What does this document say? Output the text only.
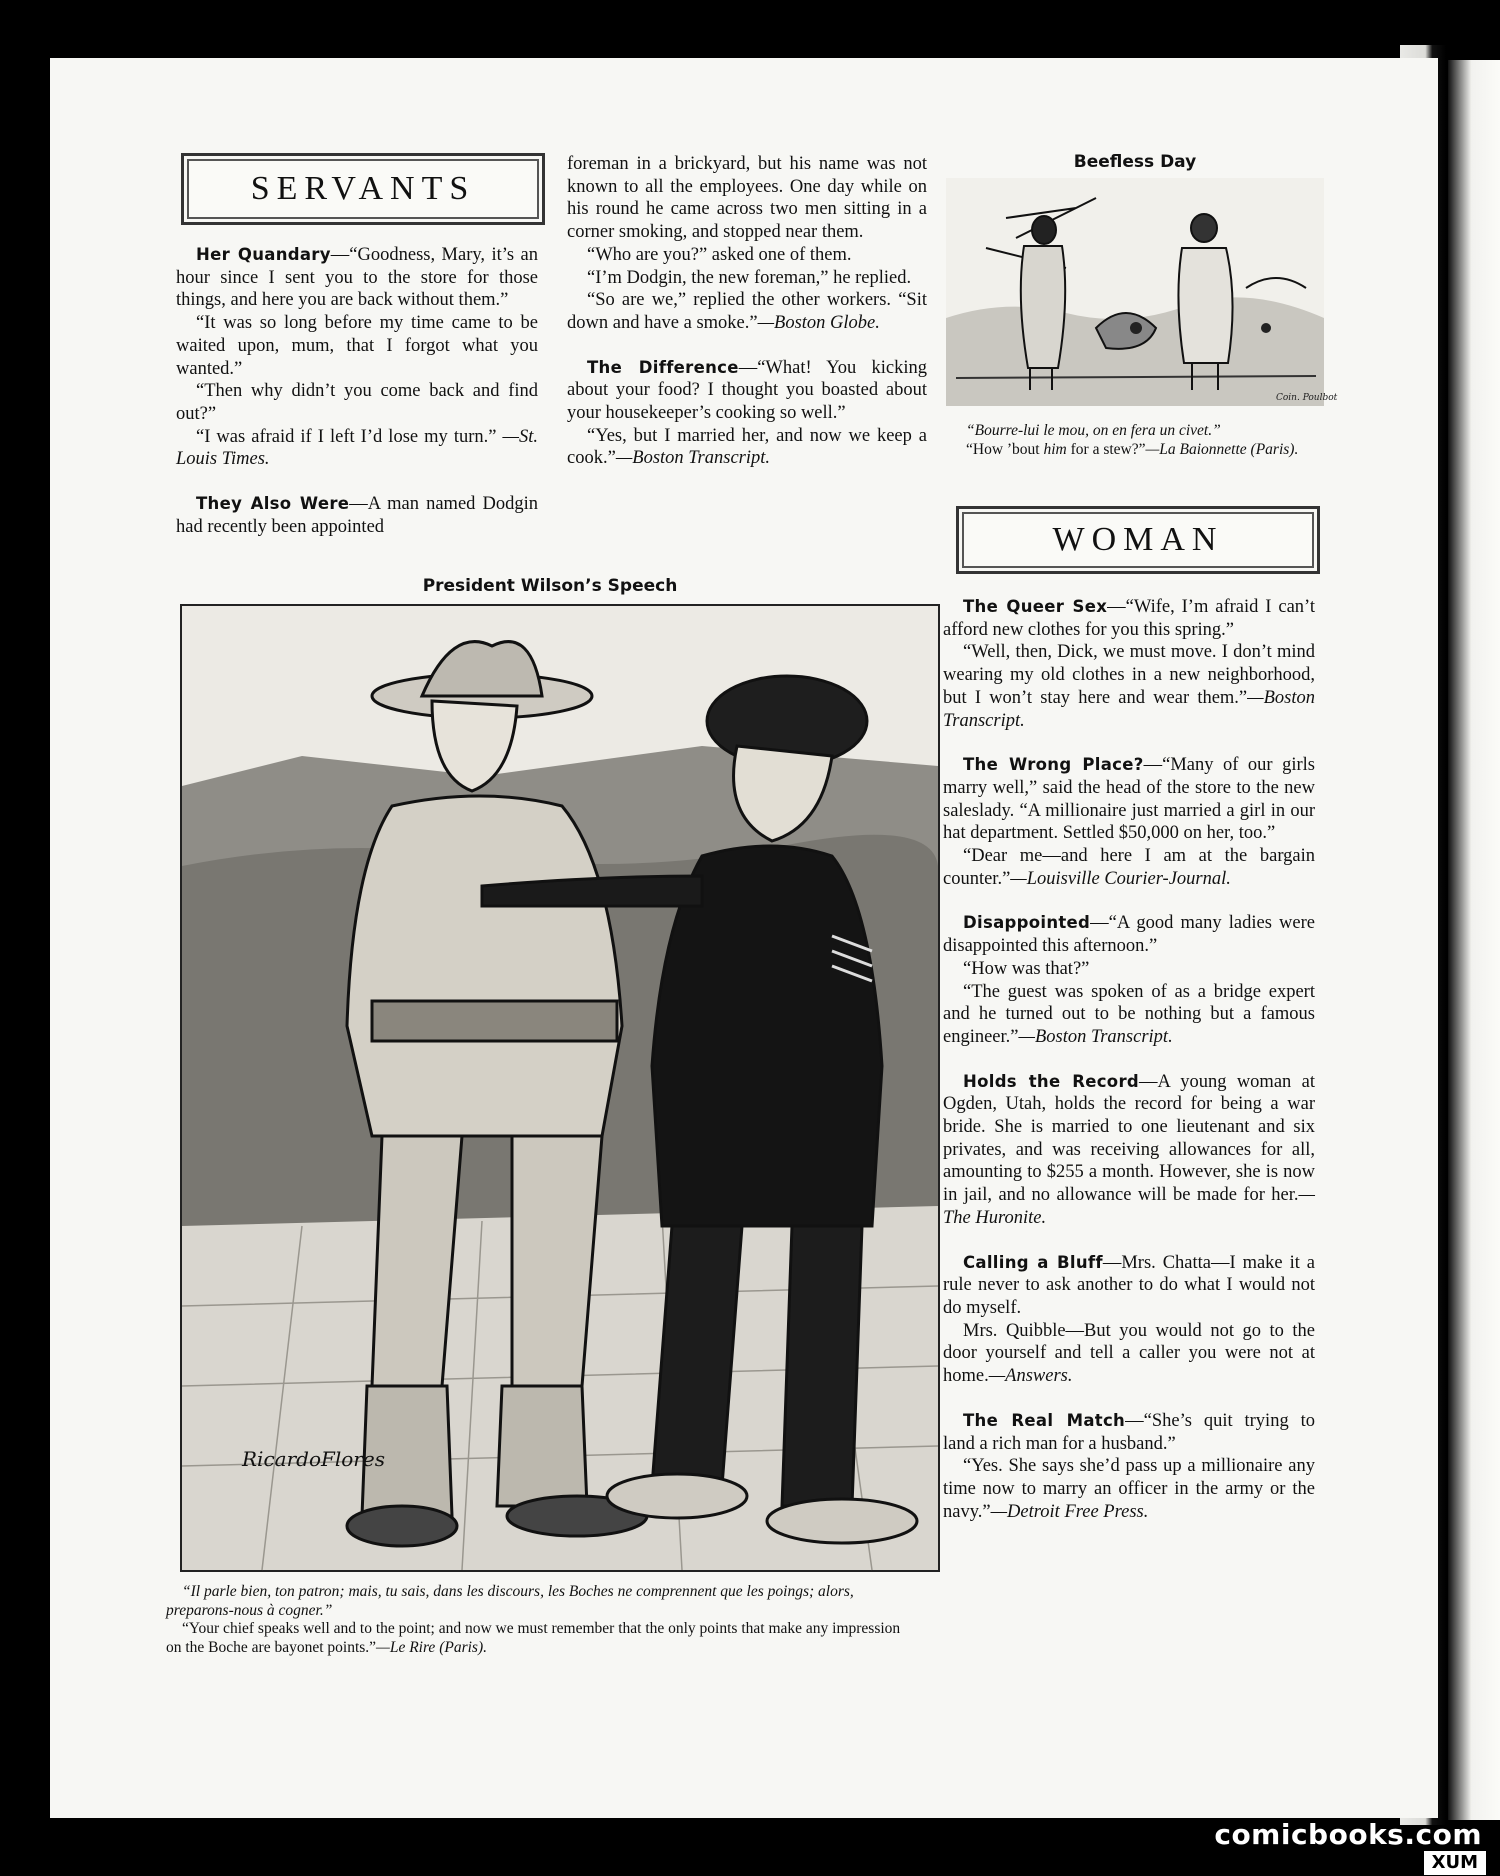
SERVANTS

Her Quandary—“Goodness, Mary, it’s an hour since I sent you to the store for those things, and here you are back without them.”

“It was so long before my time came to be waited upon, mum, that I forgot what you wanted.”

“Then why didn’t you come back and find out?”

“I was afraid if I left I’d lose my turn.” —St. Louis Times.

They Also Were—A man named Dodgin had recently been appointed

foreman in a brickyard, but his name was not known to all the employees. One day while on his round he came across two men sitting in a corner smoking, and stopped near them.

“Who are you?” asked one of them.

“I’m Dodgin, the new foreman,” he replied.

“So are we,” replied the other workers. “Sit down and have a smoke.”—Boston Globe.

The Difference—“What! You kicking about your food? I thought you boasted about your housekeeper’s cooking so well.”

“Yes, but I married her, and now we keep a cook.”—Boston Transcript.

Beefless Day
Coin. Poulbot

“Bourre-lui le mou, on en fera un civet.”

“How ’bout him for a stew?”—La Baionnette (Paris).

WOMAN

The Queer Sex—“Wife, I’m afraid I can’t afford new clothes for you this spring.”

“Well, then, Dick, we must move. I don’t mind wearing my old clothes in a new neighborhood, but I won’t stay here and wear them.”—Boston Transcript.

The Wrong Place?—“Many of our girls marry well,” said the head of the store to the new saleslady. “A millionaire just married a girl in our hat department. Settled $50,000 on her, too.”

“Dear me—and here I am at the bargain counter.”—Louisville Courier-Journal.

Disappointed—“A good many ladies were disappointed this afternoon.”

“How was that?”

“The guest was spoken of as a bridge expert and he turned out to be nothing but a famous engineer.”—Boston Transcript.

Holds the Record—A young woman at Ogden, Utah, holds the record for being a war bride. She is married to one lieutenant and six privates, and was receiving allowances for all, amounting to $255 a month. However, she is now in jail, and no allowance will be made for her.—The Huronite.

Calling a Bluff—Mrs. Chatta—I make it a rule never to ask another to do what I would not do myself.

Mrs. Quibble—But you would not go to the door yourself and tell a caller you were not at home.—Answers.

The Real Match—“She’s quit trying to land a rich man for a husband.”

“Yes. She says she’d pass up a millionaire any time now to marry an officer in the army or the navy.”—Detroit Free Press.

President Wilson’s Speech
RicardoFlores

“Il parle bien, ton patron; mais, tu sais, dans les discours, les Boches ne comprennent que les poings; alors, preparons-nous à cogner.”

“Your chief speaks well and to the point; and now we must remember that the only points that make any impression on the Boche are bayonet points.”—Le Rire (Paris).

comicbooks.com
XUM
